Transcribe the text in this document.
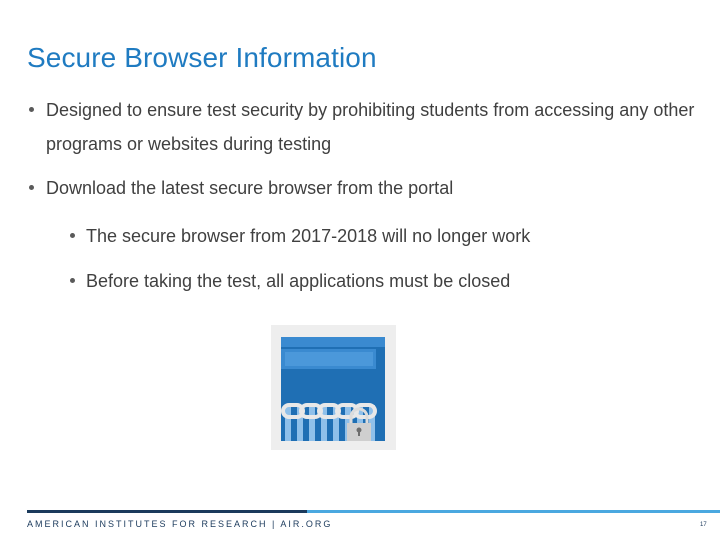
Secure Browser Information
Designed to ensure test security by prohibiting students from accessing any other programs or websites during testing
Download the latest secure browser from the portal
The secure browser from 2017-2018 will no longer work
Before taking the test, all applications must be closed
AMERICAN INSTITUTES FOR RESEARCH | AIR.ORG	17
